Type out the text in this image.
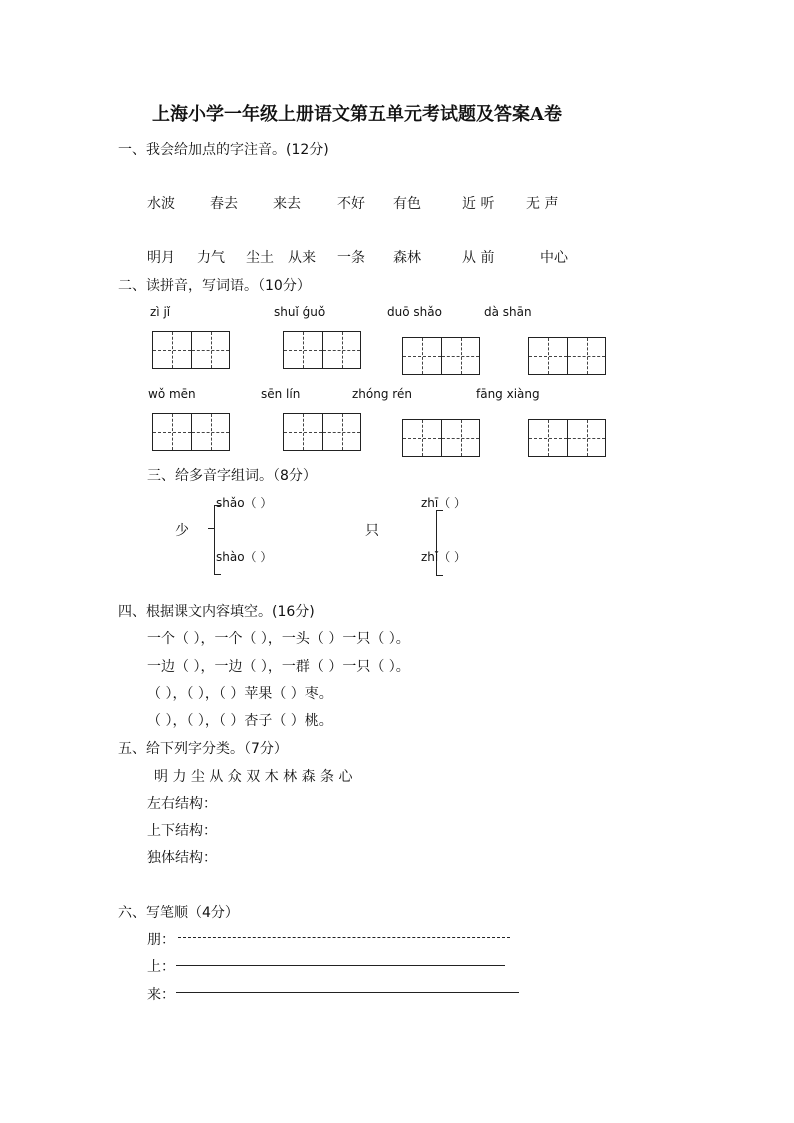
上海小学一年级上册语文第五单元考试题及答案A卷
一、我会给加点的字注音。(12分)
水波	春去	来去	不好 有色	近 听 无 声
明月 力气 尘土 从来 一条 森林	从 前	中心
二、读拼音，写词语。（10分）
zì jǐ	shuǐ ǵuǒ	duō shǎo	dà shān
wǒ mēn	sēn lín	zhóng rén	fāng xiàng
三、给多音字组词。（8分）
少
shǎo（ ）
shào（ ）
只
zhī（ ）
zhǐ（ ）
四、根据课文内容填空。(16分)
一个（ ），一个（ ），一头（ ）一只（ ）。
一边（ ），一边（ ），一群（ ）一只（ ）。
（ ），（ ），（ ）苹果（ ）枣。
（ ），（ ），（ ）杏子（ ）桃。
五、给下列字分类。（7分）
明 力 尘 从 众 双 木 林 森 条 心
左右结构：
上下结构：
独体结构：
六、写笔顺（4分）
朋：
上：
来：
